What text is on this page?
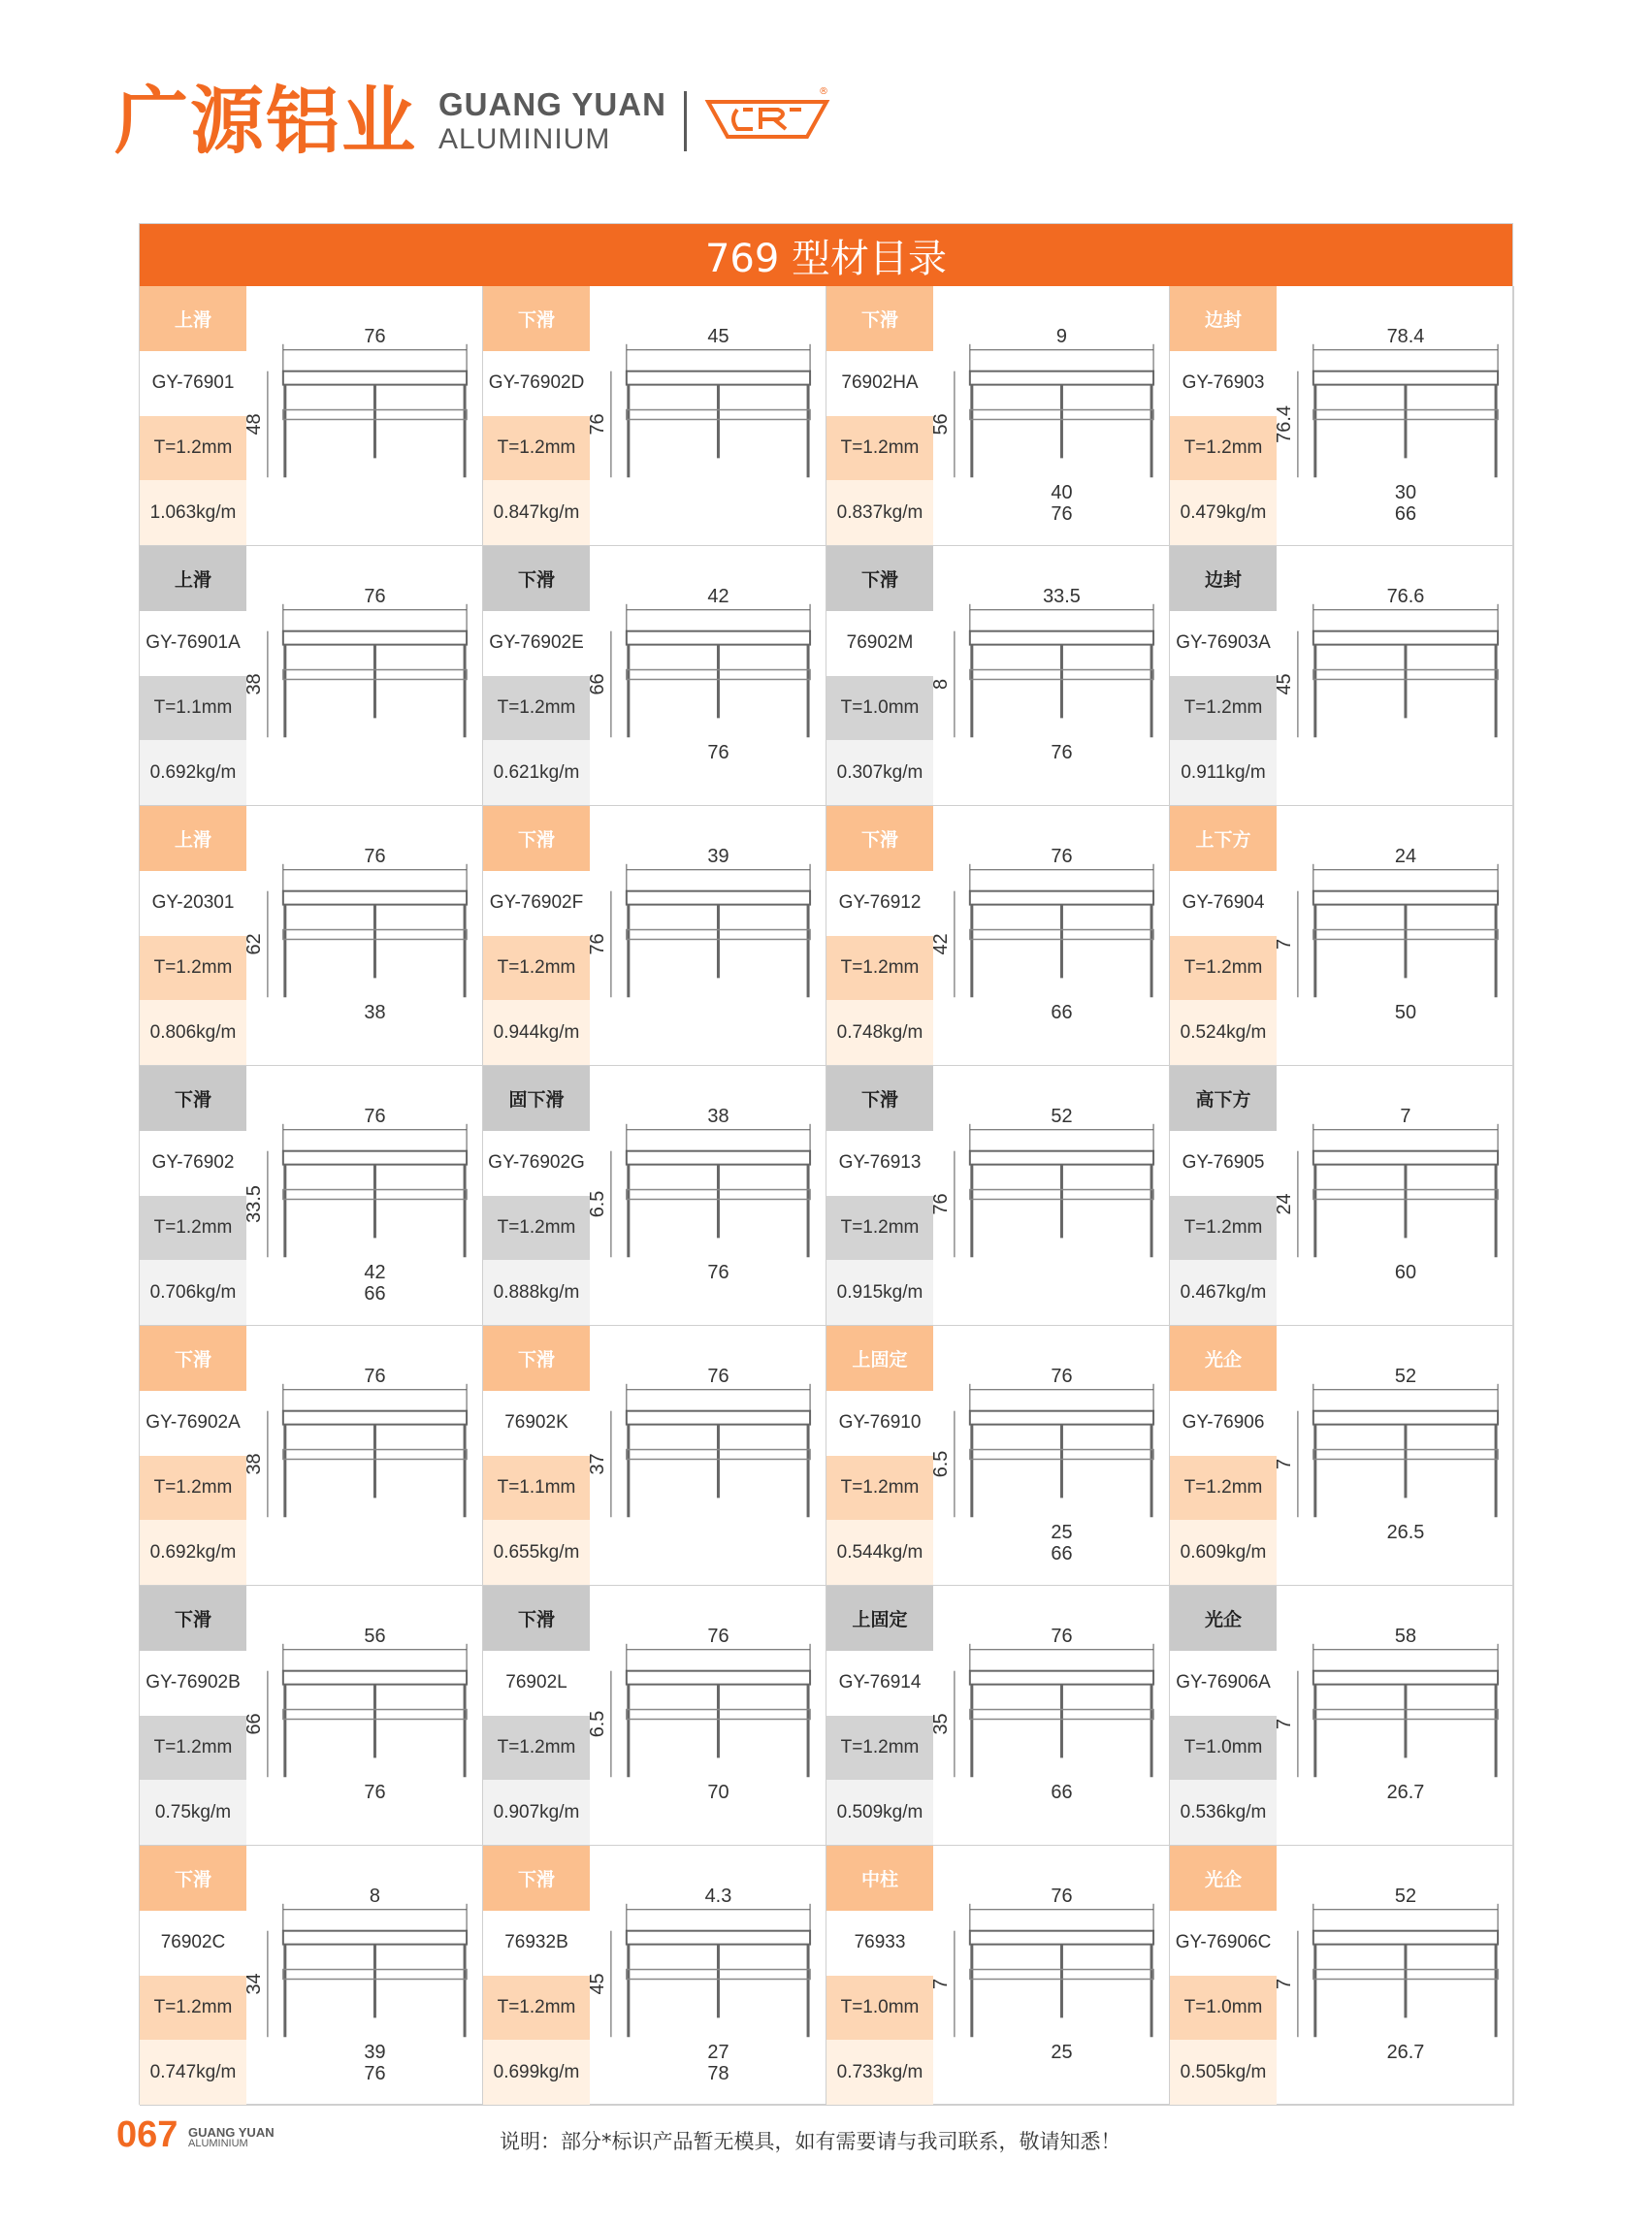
广源铝业 GUANG YUAN
ALUMINIUM
®
769 型材目录
上滑
GY-76901
T=1.2mm
1.063kg/m
76
48
下滑
GY-76902D
T=1.2mm
0.847kg/m
45
76
下滑
76902HA
T=1.2mm
0.837kg/m
9
56
40
76
边封
GY-76903
T=1.2mm
0.479kg/m
78.4
76.4
30
66
上滑
GY-76901A
T=1.1mm
0.692kg/m
76
38
下滑
GY-76902E
T=1.2mm
0.621kg/m
42
66
76
下滑
76902M
T=1.0mm
0.307kg/m
33.5
8
76
边封
GY-76903A
T=1.2mm
0.911kg/m
76.6
45
上滑
GY-20301
T=1.2mm
0.806kg/m
76
62
38
下滑
GY-76902F
T=1.2mm
0.944kg/m
39
76
下滑
GY-76912
T=1.2mm
0.748kg/m
76
42
66
上下方
GY-76904
T=1.2mm
0.524kg/m
24
7
50
下滑
GY-76902
T=1.2mm
0.706kg/m
76
33.5
42
66
固下滑
GY-76902G
T=1.2mm
0.888kg/m
38
6.5
76
下滑
GY-76913
T=1.2mm
0.915kg/m
52
76
高下方
GY-76905
T=1.2mm
0.467kg/m
7
24
60
下滑
GY-76902A
T=1.2mm
0.692kg/m
76
38
下滑
76902K
T=1.1mm
0.655kg/m
76
37
上固定
GY-76910
T=1.2mm
0.544kg/m
76
6.5
25
66
光企
GY-76906
T=1.2mm
0.609kg/m
52
7
26.5
下滑
GY-76902B
T=1.2mm
0.75kg/m
56
66
76
下滑
76902L
T=1.2mm
0.907kg/m
76
6.5
70
上固定
GY-76914
T=1.2mm
0.509kg/m
76
35
66
光企
GY-76906A
T=1.0mm
0.536kg/m
58
7
26.7
下滑
76902C
T=1.2mm
0.747kg/m
8
34
39
76
下滑
76932B
T=1.2mm
0.699kg/m
4.3
45
27
78
中柱
76933
T=1.0mm
0.733kg/m
76
7
25
光企
GY-76906C
T=1.0mm
0.505kg/m
52
7
26.7
067 GUANG YUAN
ALUMINIUM	说明：部分*标识产品暂无模具，如有需要请与我司联系，敬请知悉！
